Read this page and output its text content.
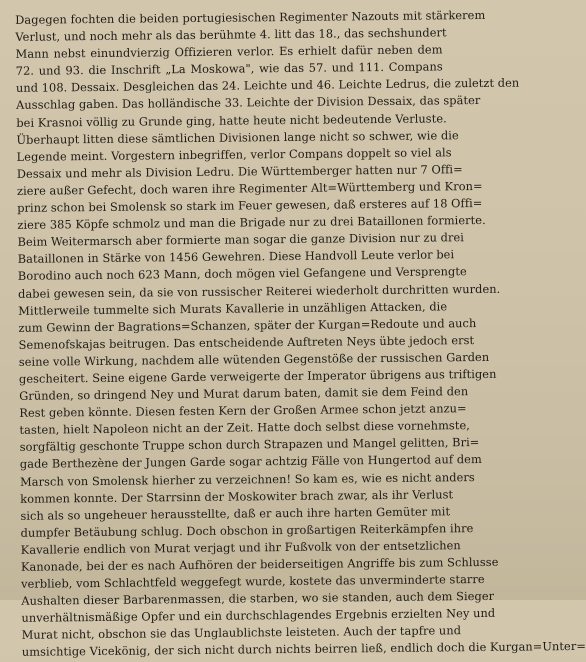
Dagegen fochten die beiden portugiesischen Regimenter Nazouts mit stärkerem
Verlust, und noch mehr als das berühmte 4. litt das 18., das sechshundert
Mann nebst einundvierzig Offizieren verlor. Es erhielt dafür neben dem
72. und 93. die Inschrift „La Moskowa", wie das 57. und 111. Compans
und 108. Dessaix. Desgleichen das 24. Leichte und 46. Leichte Ledrus, die zuletzt den
Ausschlag gaben. Das holländische 33. Leichte der Division Dessaix, das später
bei Krasnoi völlig zu Grunde ging, hatte heute nicht bedeutende Verluste.
Überhaupt litten diese sämtlichen Divisionen lange nicht so schwer, wie die
Legende meint. Vorgestern inbegriffen, verlor Compans doppelt so viel als
Dessaix und mehr als Division Ledru. Die Württemberger hatten nur 7 Offi=
ziere außer Gefecht, doch waren ihre Regimenter Alt=Württemberg und Kron=
prinz schon bei Smolensk so stark im Feuer gewesen, daß ersteres auf 18 Offi=
ziere 385 Köpfe schmolz und man die Brigade nur zu drei Bataillonen formierte.
Beim Weitermarsch aber formierte man sogar die ganze Division nur zu drei
Bataillonen in Stärke von 1456 Gewehren. Diese Handvoll Leute verlor bei
Borodino auch noch 623 Mann, doch mögen viel Gefangene und Versprengte
dabei gewesen sein, da sie von russischer Reiterei wiederholt durchritten wurden.
Mittlerweile tummelte sich Murats Kavallerie in unzähligen Attacken, die
zum Gewinn der Bagrations=Schanzen, später der Kurgan=Redoute und auch
Semenofskajas beitrugen. Das entscheidende Auftreten Neys übte jedoch erst
seine volle Wirkung, nachdem alle wütenden Gegenstöße der russischen Garden
gescheitert. Seine eigene Garde verweigerte der Imperator übrigens aus triftigen
Gründen, so dringend Ney und Murat darum baten, damit sie dem Feind den
Rest geben könnte. Diesen festen Kern der Großen Armee schon jetzt anzu=
tasten, hielt Napoleon nicht an der Zeit. Hatte doch selbst diese vornehmste,
sorgfältig geschonte Truppe schon durch Strapazen und Mangel gelitten, Bri=
gade Berthezène der Jungen Garde sogar achtzig Fälle von Hungertod auf dem
Marsch von Smolensk hierher zu verzeichnen! So kam es, wie es nicht anders
kommen konnte. Der Starrsinn der Moskowiter brach zwar, als ihr Verlust
sich als so ungeheuer herausstellte, daß er auch ihre harten Gemüter mit
dumpfer Betäubung schlug. Doch obschon in großartigen Reiterkämpfen ihre
Kavallerie endlich von Murat verjagt und ihr Fußvolk von der entsetzlichen
Kanonade, bei der es nach Aufhören der beiderseitigen Angriffe bis zum Schlusse
verblieb, vom Schlachtfeld weggefegt wurde, kostete das unverminderte starre
Aushalten dieser Barbarenmassen, die starben, wo sie standen, auch dem Sieger
unverhältnismäßige Opfer und ein durchschlagendes Ergebnis erzielten Ney und
Murat nicht, obschon sie das Unglaublichste leisteten. Auch der tapfre und
umsichtige Vicekönig, der sich nicht durch nichts beirren ließ, endlich doch die Kurgan=Unter=
